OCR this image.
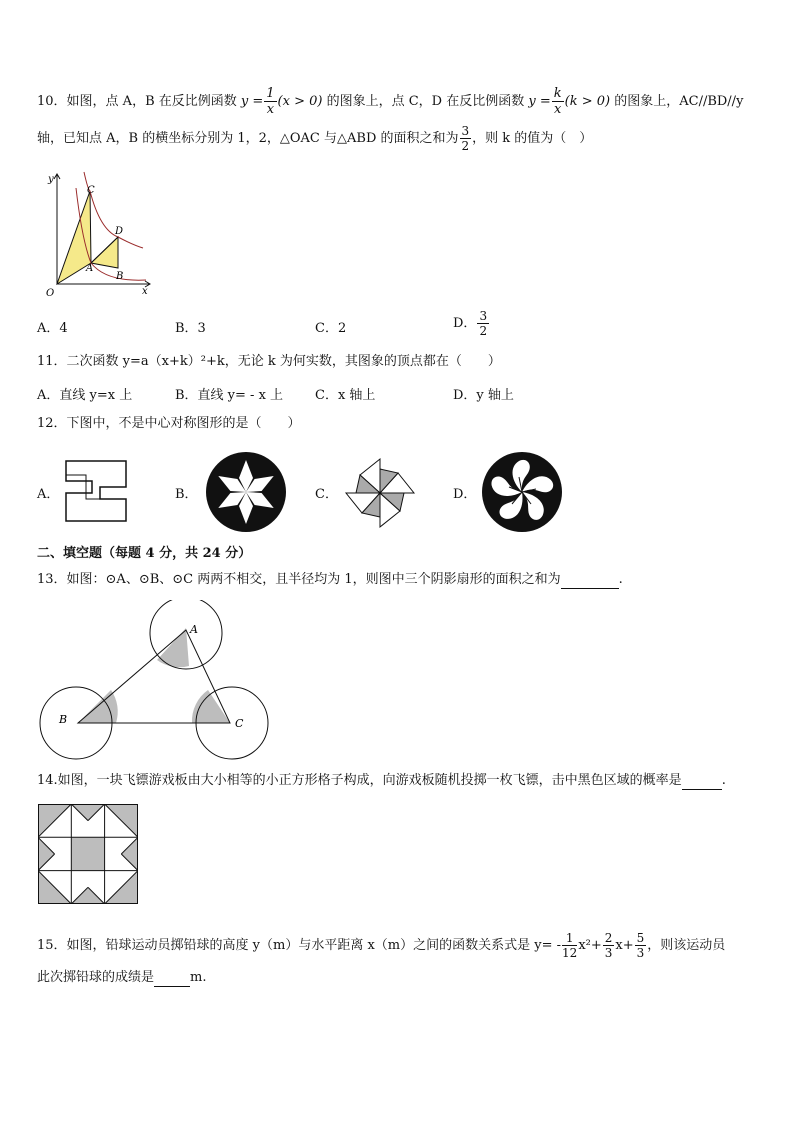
10．如图，点 A，B 在反比例函数 $y = \frac{1}{x} (x > 0)$ 的图象上，点 C，D 在反比例函数 $y = \frac{k}{x} (k > 0)$ 的图象上，AC//BD//y
轴，已知点 A，B 的横坐标分别为 1，2，△OAC 与△ABD 的面积之和为 $\frac{3}{2}$ ，则 k 的值为（　）
y
x
O
A
B
C
D
A．4	B．3	C．2	D． $\frac{3}{2}$
11．二次函数 y=a（x+k）²+k，无论 k 为何实数，其图象的顶点都在（　　）
A．直线 y=x 上	B．直线 y= - x 上 C．x 轴上	D．y 轴上
12．下图中，不是中心对称图形的是（　　）
A．	B．	C．	D．
二、填空题（每题 4 分，共 24 分）
13．如图：⊙A、⊙B、⊙C 两两不相交，且半径均为 1，则图中三个阴影扇形的面积之和为	.
A
B	C
14.如图，一块飞镖游戏板由大小相等的小正方形格子构成，向游戏板随机投掷一枚飞镖，击中黑色区域的概率是	.
15．如图，铅球运动员掷铅球的高度 y（m）与水平距离 x（m）之间的函数关系式是 $y= - \frac{1}{12} x^2+ \frac{2}{3} x+ \frac{5}{3}$ ，则该运动员
此次掷铅球的成绩是	m.
